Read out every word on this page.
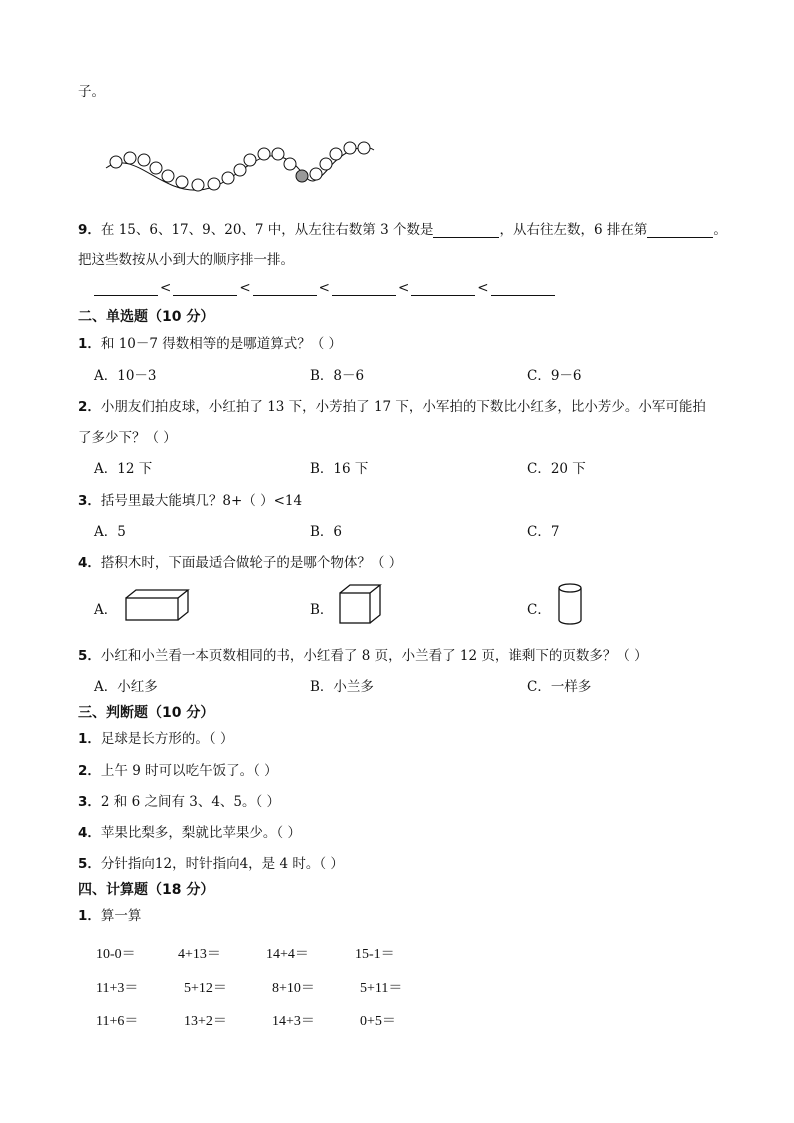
子。
9．在 15、6、17、9、20、7 中，从左往右数第 3 个数是	，从右往左数，6 排在第	。
把这些数按从小到大的顺序排一排。
<	<	<	<	<
二、单选题（10 分）
1．和 10－7 得数相等的是哪道算式？（ ）
A．10－3	B．8－6	C．9－6
2．小朋友们拍皮球，小红拍了 13 下，小芳拍了 17 下，小军拍的下数比小红多，比小芳少。小军可能拍
了多少下？（ ）
A．12 下	B．16 下	C．20 下
3．括号里最大能填几？8+（ ）<14
A．5	B．6	C．7
4．搭积木时，下面最适合做轮子的是哪个物体？（ ）
A．	B．	C．
5．小红和小兰看一本页数相同的书，小红看了 8 页，小兰看了 12 页，谁剩下的页数多？（ ）
A．小红多	B．小兰多	C．一样多
三、判断题（10 分）
1．足球是长方形的。（ ）
2．上午 9 时可以吃午饭了。（ ）
3．2 和 6 之间有 3、4、5。（ ）
4．苹果比梨多，梨就比苹果少。（ ）
5．分针指向12，时针指向4，是 4 时。（ ）
四、计算题（18 分）
1．算一算
10-0＝	4+13＝	14+4＝	15-1＝
11+3＝	5+12＝	8+10＝	5+11＝
11+6＝	13+2＝	14+3＝	0+5＝
